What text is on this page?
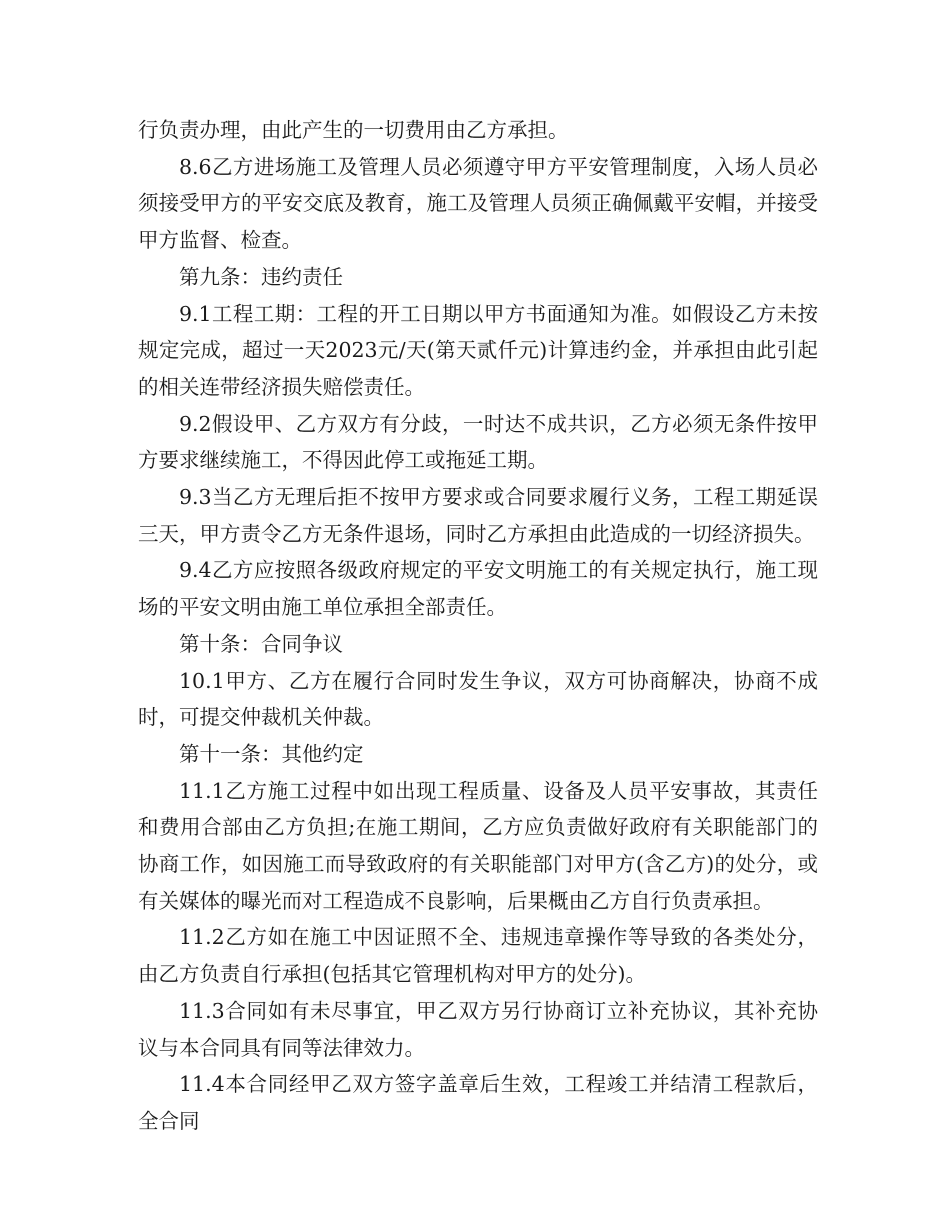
行负责办理，由此产生的一切费用由乙方承担。

8.6乙方进场施工及管理人员必须遵守甲方平安管理制度，入场人员必须接受甲方的平安交底及教育，施工及管理人员须正确佩戴平安帽，并接受甲方监督、检查。

第九条：违约责任

9.1工程工期：工程的开工日期以甲方书面通知为准。如假设乙方未按规定完成，超过一天2023元/天(第天贰仟元)计算违约金，并承担由此引起的相关连带经济损失赔偿责任。

9.2假设甲、乙方双方有分歧，一时达不成共识，乙方必须无条件按甲方要求继续施工，不得因此停工或拖延工期。

9.3当乙方无理后拒不按甲方要求或合同要求履行义务，工程工期延误三天，甲方责令乙方无条件退场，同时乙方承担由此造成的一切经济损失。

9.4乙方应按照各级政府规定的平安文明施工的有关规定执行，施工现场的平安文明由施工单位承担全部责任。

第十条：合同争议

10.1甲方、乙方在履行合同时发生争议，双方可协商解决，协商不成时，可提交仲裁机关仲裁。

第十一条：其他约定

11.1乙方施工过程中如出现工程质量、设备及人员平安事故，其责任和费用合部由乙方负担;在施工期间，乙方应负责做好政府有关职能部门的协商工作，如因施工而导致政府的有关职能部门对甲方(含乙方)的处分，或有关媒体的曝光而对工程造成不良影响，后果概由乙方自行负责承担。

11.2乙方如在施工中因证照不全、违规违章操作等导致的各类处分，由乙方负责自行承担(包括其它管理机构对甲方的处分)。

11.3合同如有未尽事宜，甲乙双方另行协商订立补充协议，其补充协议与本合同具有同等法律效力。

11.4本合同经甲乙双方签字盖章后生效，工程竣工并结清工程款后，全合同
